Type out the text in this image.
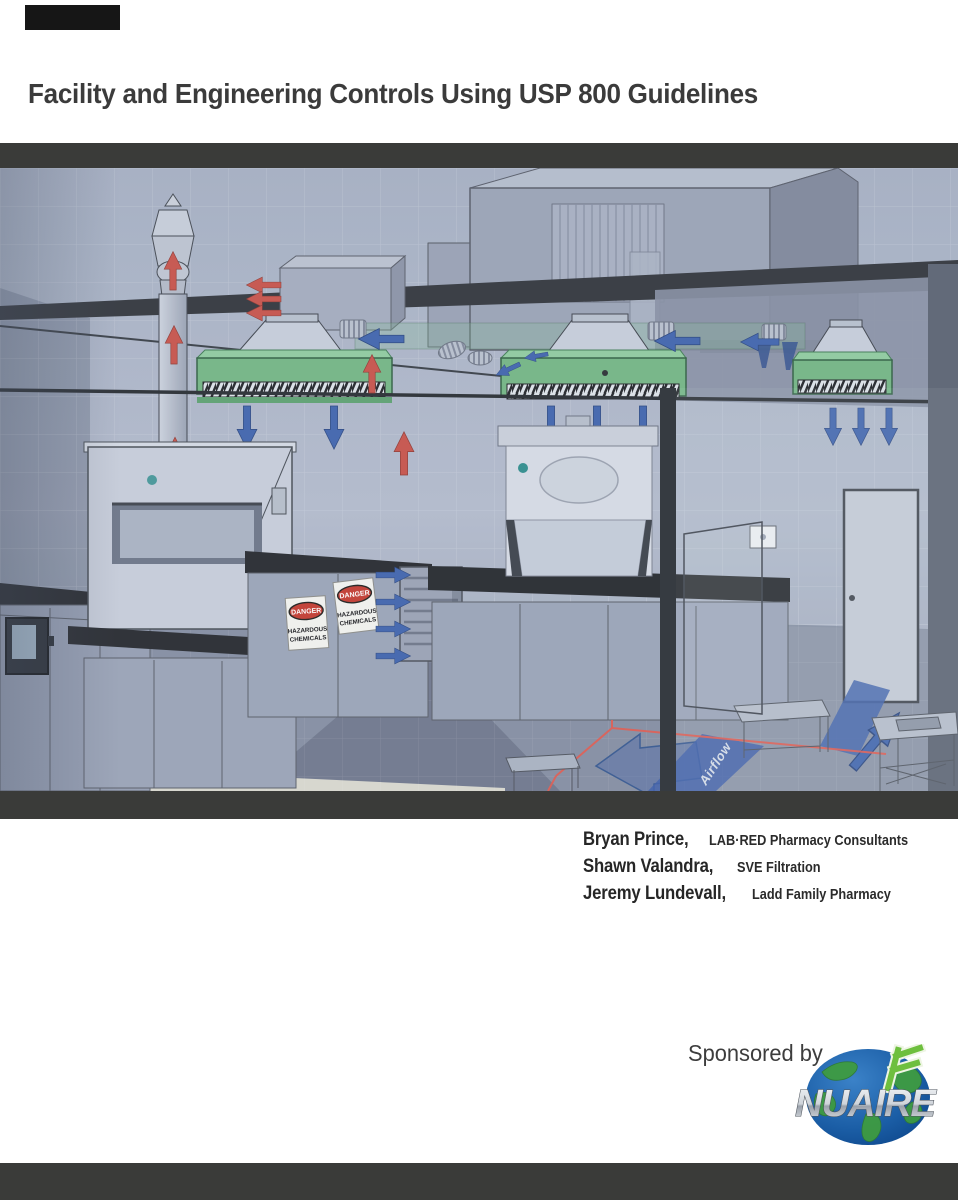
Facility and Engineering Controls Using USP 800 Guidelines
Bryan Prince, LAB·RED Pharmacy Consultants
Shawn Valandra, SVE Filtration
Jeremy Lundevall, Ladd Family Pharmacy
Sponsored by
NUAIRE
